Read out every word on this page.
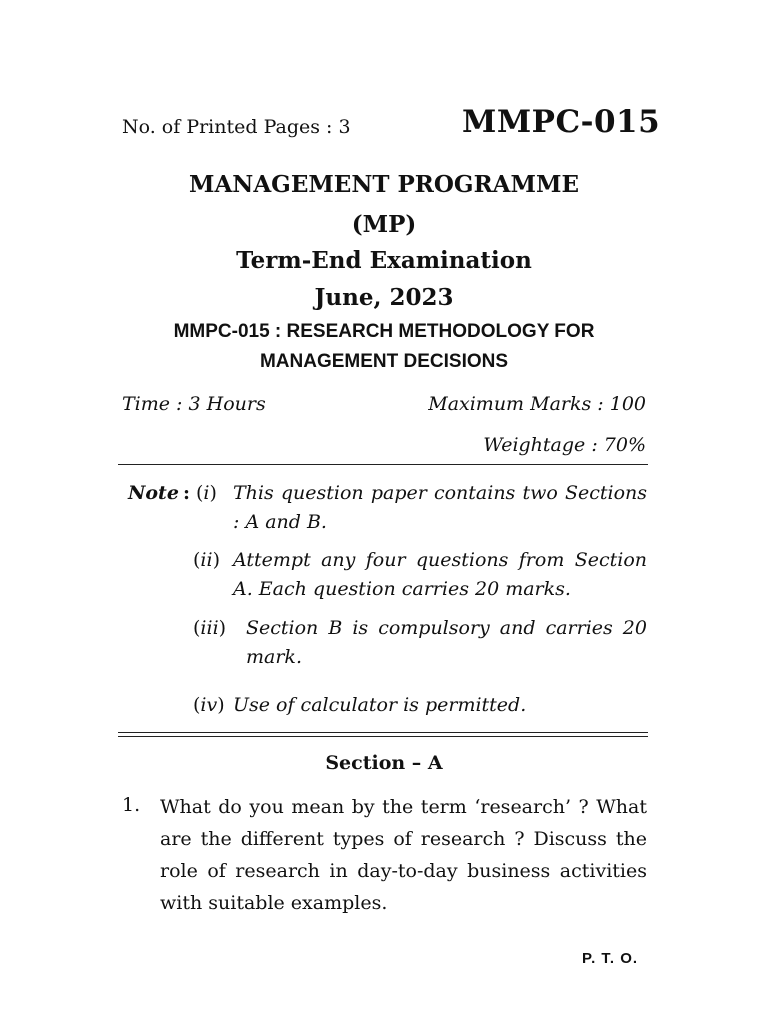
No. of Printed Pages : 3	MMPC-015
MANAGEMENT PROGRAMME
(MP)
Term-End Examination
June, 2023
MMPC-015 : RESEARCH METHODOLOGY FOR
MANAGEMENT DECISIONS
Time : 3 Hours	Maximum Marks : 100
Weightage : 70%
Note : (i) This question paper contains two Sections : A and B.
(ii) Attempt any four questions from Section A. Each question carries 20 marks.
(iii) Section B is compulsory and carries 20 mark.
(iv) Use of calculator is permitted.
Section – A
1. What do you mean by the term ‘research’ ? What are the different types of research ? Discuss the role of research in day-to-day business activities with suitable examples.
P. T. O.
